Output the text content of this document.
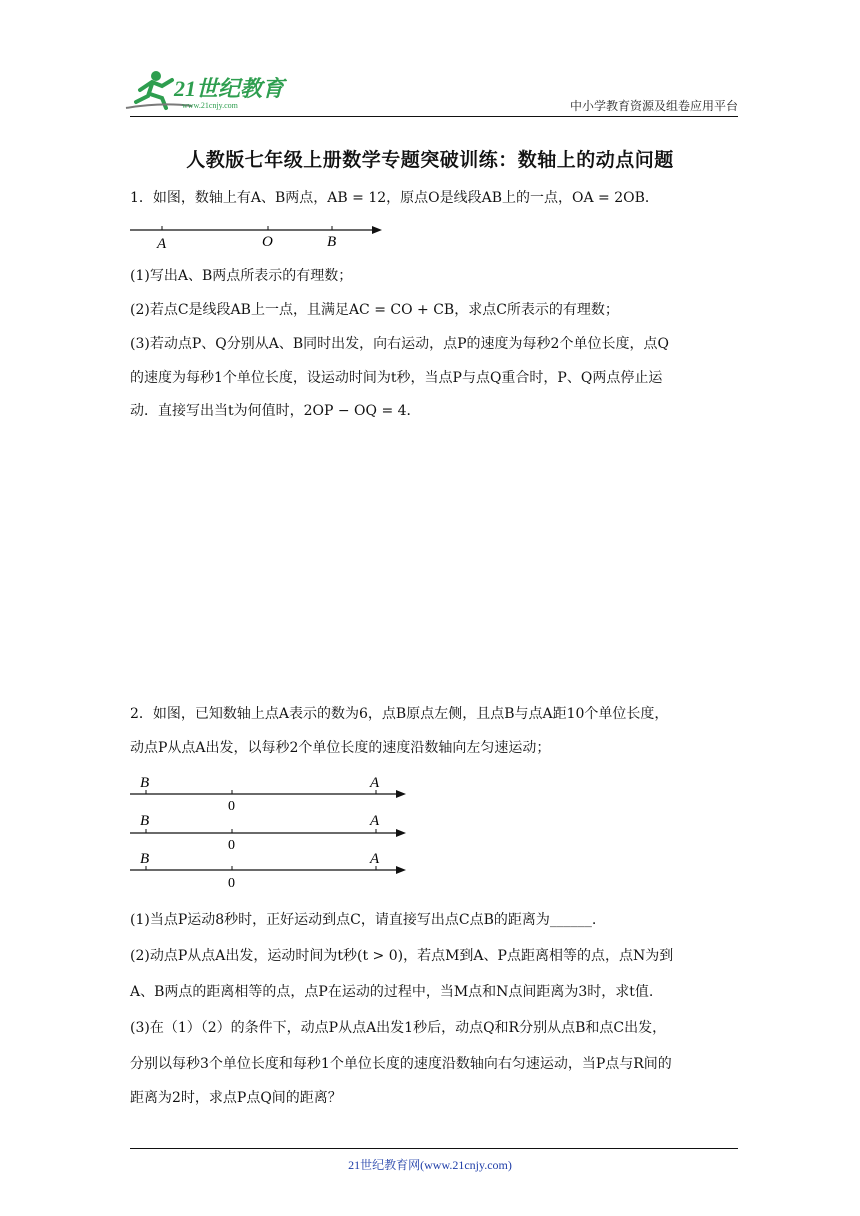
21世纪教育
www.21cnjy.com	中小学教育资源及组卷应用平台
人教版七年级上册数学专题突破训练：数轴上的动点问题
1．如图，数轴上有A、B两点，AB = 12，原点O是线段AB上的一点，OA = 2OB．
A	O	B
(1)写出A、B两点所表示的有理数；
(2)若点C是线段AB上一点，且满足AC = CO + CB，求点C所表示的有理数；
(3)若动点P、Q分别从A、B同时出发，向右运动，点P的速度为每秒2个单位长度，点Q
的速度为每秒1个单位长度，设运动时间为t秒，当点P与点Q重合时，P、Q两点停止运
动．直接写出当t为何值时，2OP − OQ = 4．
2．如图，已知数轴上点A表示的数为6，点B原点左侧，且点B与点A距10个单位长度，
动点P从点A出发，以每秒2个单位长度的速度沿数轴向左匀速运动；
B
0
A
B
0
A
B
0
A
(1)当点P运动8秒时，正好运动到点C，请直接写出点C点B的距离为______.
(2)动点P从点A出发，运动时间为t秒(t > 0)，若点M到A、P点距离相等的点，点N为到
A、B两点的距离相等的点，点P在运动的过程中，当M点和N点间距离为3时，求t值.
(3)在（1）（2）的条件下，动点P从点A出发1秒后，动点Q和R分别从点B和点C出发，
分别以每秒3个单位长度和每秒1个单位长度的速度沿数轴向右匀速运动，当P点与R间的
距离为2时，求点P点Q间的距离？
21世纪教育网(www.21cnjy.com)
